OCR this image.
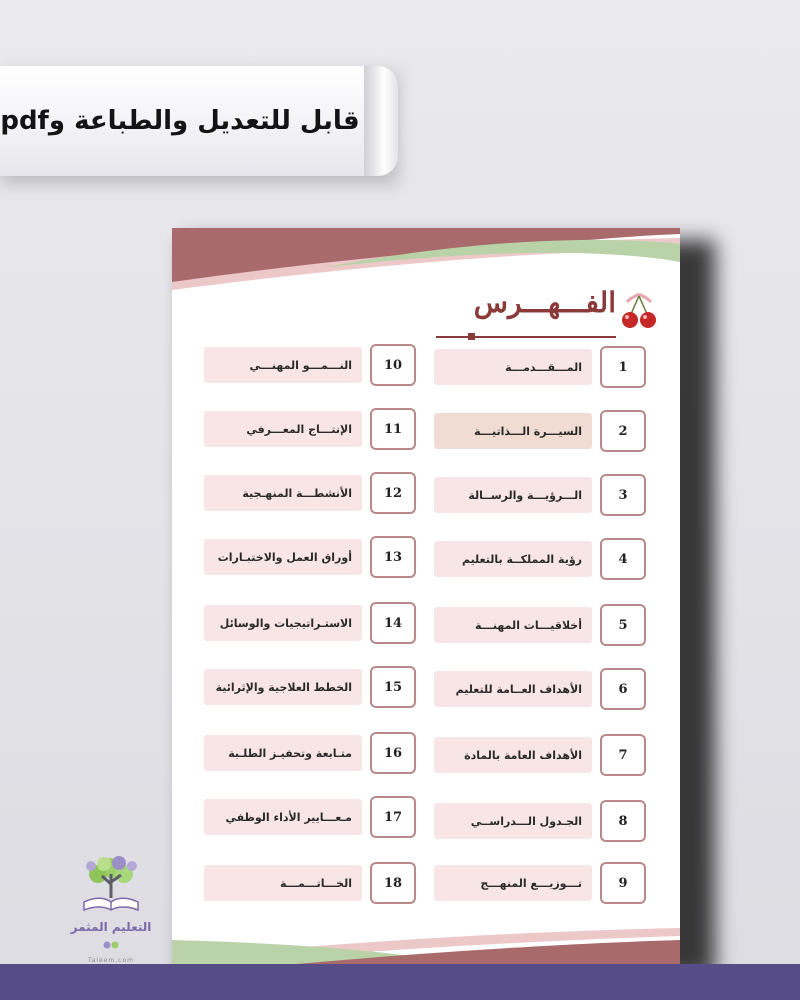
قابل للتعديل والطباعة وpdf
الفـــهـــرس
1
المـــقـــدمـــة
2
السيـــرة الـــذاتيـــة
3
الـــرؤيـــة والرســالة
4
رؤية المملكــة بالتعليم
5
أخلاقيـــات المهنـــة
6
الأهداف العــامة للتعليم
7
الأهداف العامة بالمادة
8
الجـدول الـــدراســي
9
تـــوزيـــع المنهـــج
10
النـــمـــو المهنـــي
11
الإنتـــاج المعـــرفي
12
الأنشطـــة المنهـجية
13
أوراق العمل والاختبـارات
14
الاستـراتيجيات والوسائل
15
الخطط العلاجية والإثرائية
16
متـابعة وتحفيـز الطلـبة
17
مـعـــايير الأداء الوظفي
18
الخـــاتـــمـــة
التعليم المثمر
Taleem.com
